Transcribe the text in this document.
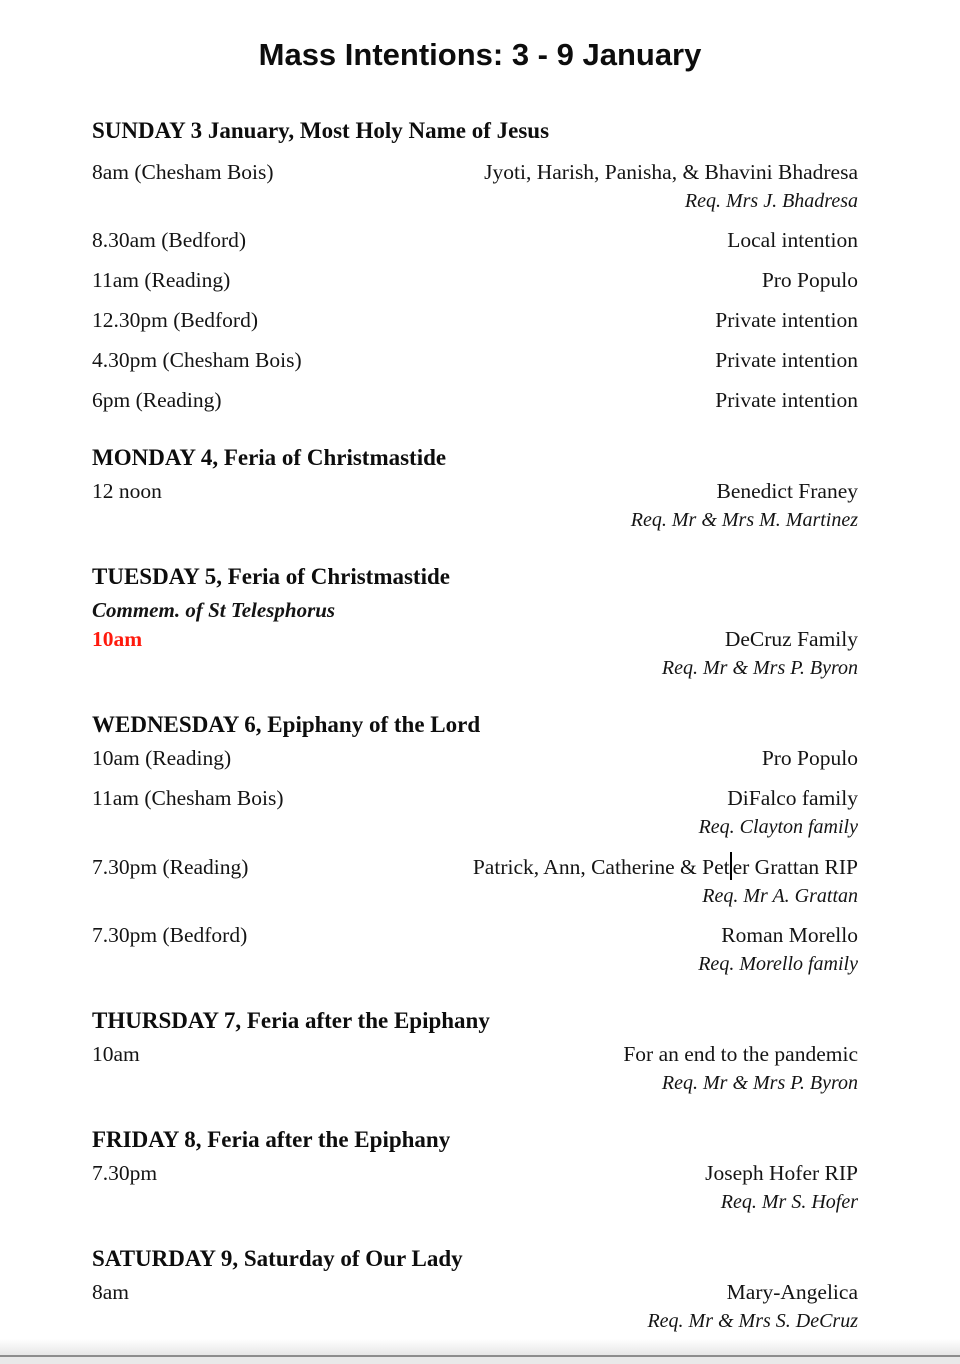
Mass Intentions: 3 - 9 January
SUNDAY 3 January, Most Holy Name of Jesus
8am (Chesham Bois)	Jyoti, Harish, Panisha, & Bhavini Bhadresa
Req. Mrs J. Bhadresa
8.30am (Bedford)	Local intention
11am (Reading)	Pro Populo
12.30pm (Bedford)	Private intention
4.30pm (Chesham Bois)	Private intention
6pm (Reading)	Private intention
MONDAY 4, Feria of Christmastide
12 noon	Benedict Franey
Req. Mr & Mrs M. Martinez
TUESDAY 5, Feria of Christmastide
Commem. of St Telesphorus
10am	DeCruz Family
Req. Mr & Mrs P. Byron
WEDNESDAY 6, Epiphany of the Lord
10am (Reading)	Pro Populo
11am (Chesham Bois)	DiFalco family
Req. Clayton family
7.30pm (Reading)	Patrick, Ann, Catherine & Pet er Grattan RIP
Req. Mr A. Grattan
7.30pm (Bedford)	Roman Morello
Req. Morello family
THURSDAY 7, Feria after the Epiphany
10am	For an end to the pandemic
Req. Mr & Mrs P. Byron
FRIDAY 8, Feria after the Epiphany
7.30pm	Joseph Hofer RIP
Req. Mr S. Hofer
SATURDAY 9, Saturday of Our Lady
8am	Mary-Angelica
Req. Mr & Mrs S. DeCruz
